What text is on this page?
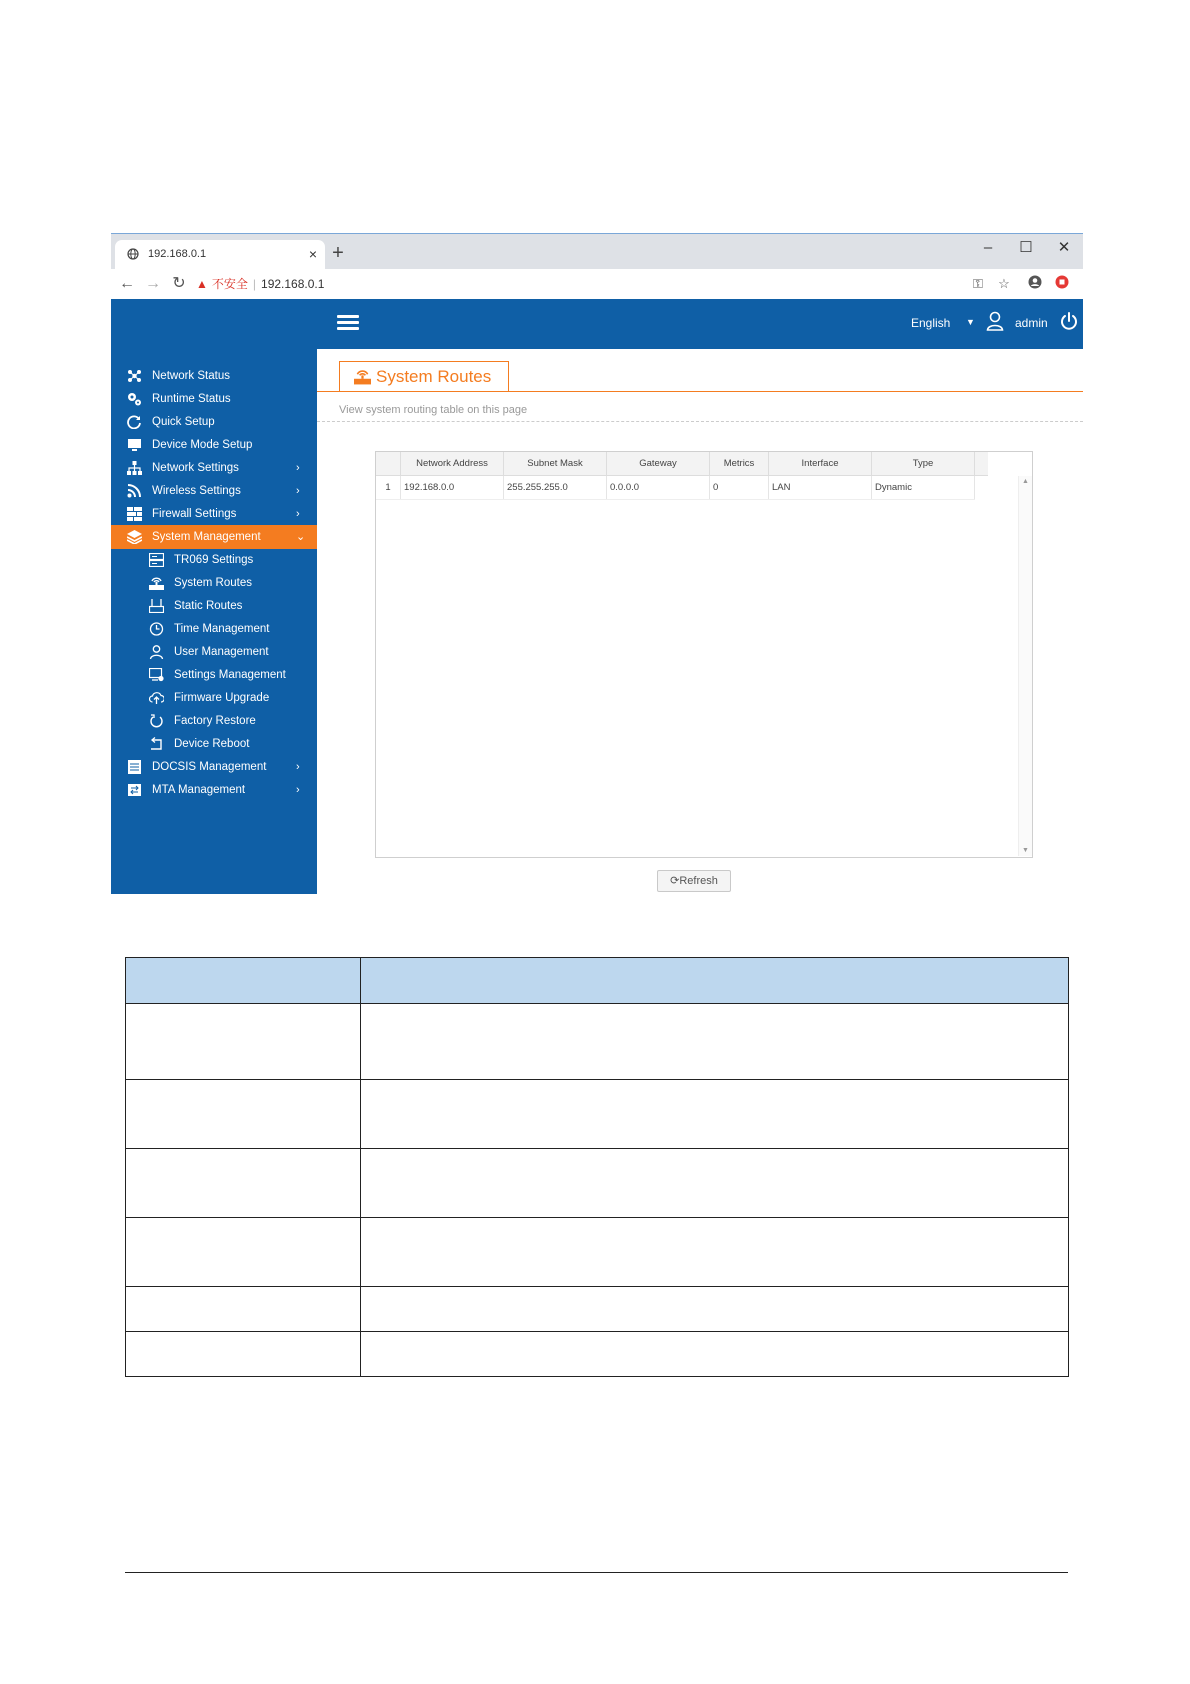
192.168.0.1	× +	–	☐	✕
← → ↻ ▲ 不安全 | 192.168.0.1	⚿	☆
English ▼	admin
Network Status
Runtime Status
Quick Setup
Device Mode Setup
Network Settings	›
Wireless Settings	›
Firewall Settings	›
System Management	⌄
TR069 Settings
System Routes
Static Routes
Time Management
User Management
Settings Management
Firmware Upgrade
Factory Restore
Device Reboot
DOCSIS Management	›
MTA Management	›
System Routes
View system routing table on this page
	Network Address	Subnet Mask	Gateway	Metrics	Interface	Type	
1	192.168.0.0	255.255.255.0	0.0.0.0	0	LAN	Dynamic	
▲
▼
⟳Refresh
